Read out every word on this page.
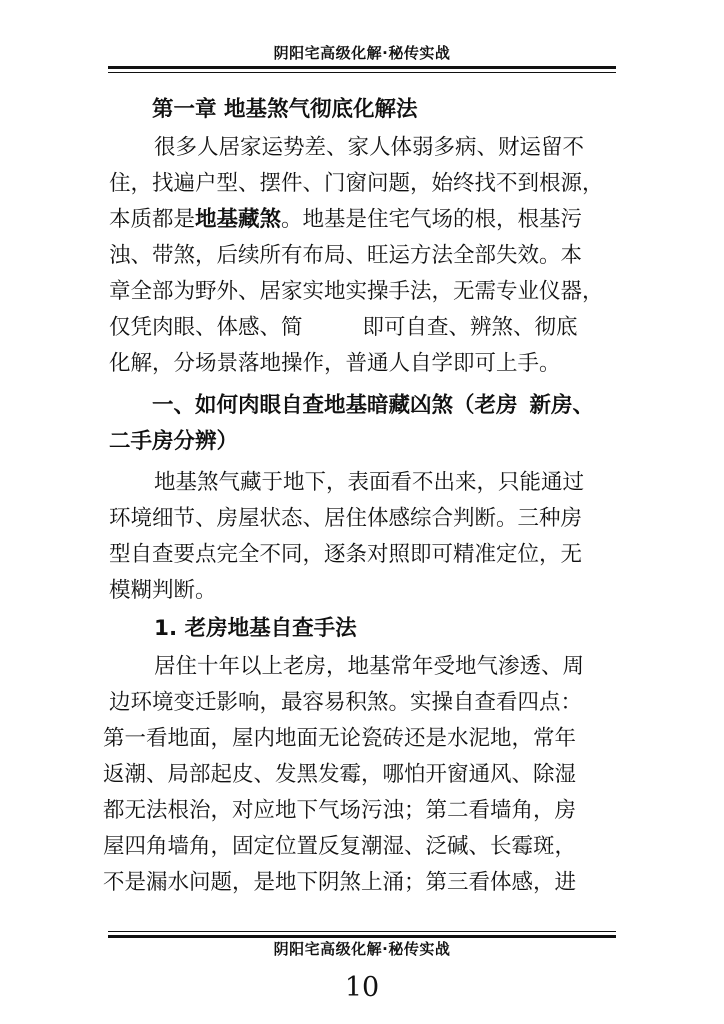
阴阳宅高级化解·秘传实战
第一章 地基煞气彻底化解法
很多人居家运势差、家人体弱多病、财运留不
住，找遍户型、摆件、门窗问题，始终找不到根源，
本质都是地基藏煞。地基是住宅气场的根，根基污
浊、带煞，后续所有布局、旺运方法全部失效。本
章全部为野外、居家实地实操手法，无需专业仪器，
仅凭肉眼、体感、简	即可自查、辨煞、彻底
化解，分场景落地操作，普通人自学即可上手。
一、如何肉眼自查地基暗藏凶煞（老房 新房、
二手房分辨）
地基煞气藏于地下，表面看不出来，只能通过
环境细节、房屋状态、居住体感综合判断。三种房
型自查要点完全不同，逐条对照即可精准定位，无
模糊判断。
1. 老房地基自查手法
居住十年以上老房，地基常年受地气渗透、周
边环境变迁影响，最容易积煞。实操自查看四点：
第一看地面，屋内地面无论瓷砖还是水泥地，常年
返潮、局部起皮、发黑发霉，哪怕开窗通风、除湿
都无法根治，对应地下气场污浊；第二看墙角，房
屋四角墙角，固定位置反复潮湿、泛碱、长霉斑，
不是漏水问题，是地下阴煞上涌；第三看体感，进
阴阳宅高级化解·秘传实战
10
